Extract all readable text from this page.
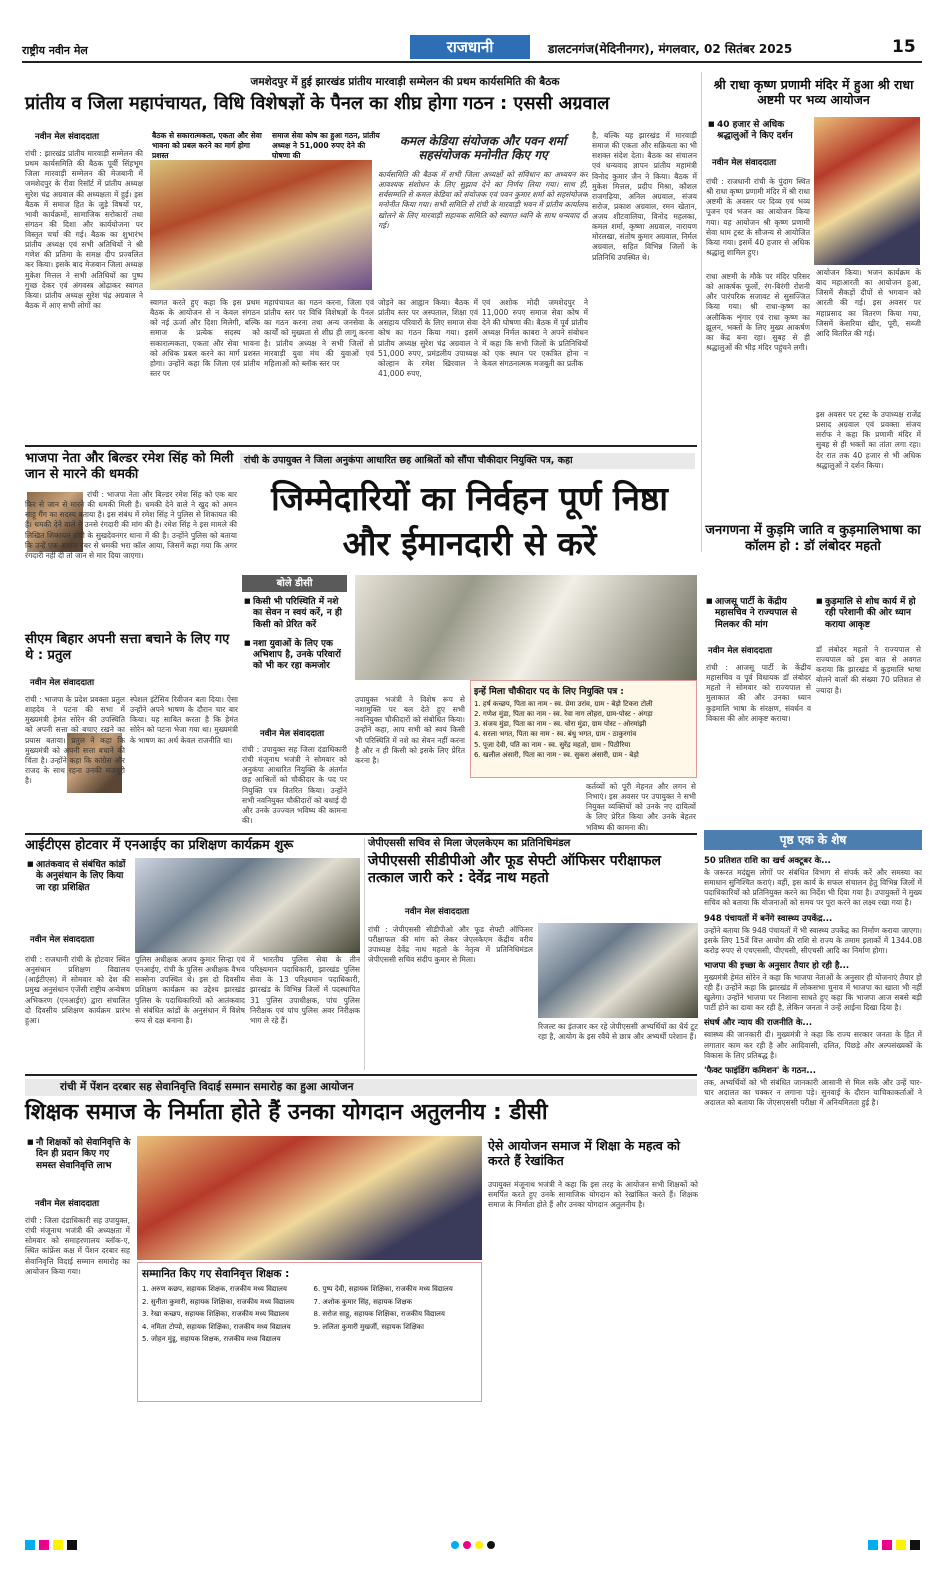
राष्ट्रीय नवीन मेल	राजधानी	डालटनगंज(मेदिनीनगर), मंगलवार, 02 सितंबर 2025	15
जमशेदपुर में हुई झारखंड प्रांतीय मारवाड़ी सम्मेलन की प्रथम कार्यसमिति की बैठक
प्रांतीय व जिला महापंचायत, विधि विशेषज्ञों के पैनल का शीघ्र होगा गठन : एससी अग्रवाल
नवीन मेल संवाददाता
रांची : झारखंड प्रांतीय मारवाड़ी सम्मेलन की प्रथम कार्यसमिति की बैठक पूर्वी सिंहभूम जिला मारवाड़ी सम्मेलन की मेजबानी में जमशेदपुर के रीवा रिसॉर्ट में प्रांतीय अध्यक्ष सुरेश चंद्र अग्रवाल की अध्यक्षता में हुई। इस बैठक में समाज हित के जुड़े विषयों पर, भावी कार्यक्रमों, सामाजिक सरोकारों तथा संगठन की दिशा और कार्ययोजना पर विस्तृत चर्चा की गई। बैठक का शुभारंभ प्रांतीय अध्यक्ष एवं सभी अतिथियों ने श्री गणेश की प्रतिमा के समक्ष दीप प्रज्वलित कर किया। इसके बाद मेजबान जिला अध्यक्ष मुकेश मित्तल ने सभी अतिथियों का पुष्प गुच्छ देकर एवं अंगवस्त्र ओढ़ाकर स्वागत किया। प्रांतीय अध्यक्ष सुरेश चंद्र अग्रवाल ने बैठक में आए सभी लोगों का
बैठक से सकारात्मकता, एकता और सेवा भावना को प्रबल करने का मार्ग होगा प्रशस्त
समाज सेवा कोष का हुआ गठन, प्रांतीय अध्यक्ष ने 51,000 रुपए देने की घोषणा की
कमल केडिया संयोजक और पवन शर्मा सहसंयोजक मनोनीत किए गए
कार्यसमिति की बैठक में सभी जिला अध्यक्षों को संविधान का अध्ययन कर आवश्यक संशोधन के लिए सुझाव देने का निर्णय लिया गया। साथ ही, सर्वसम्मति से कमल केडिया को संयोजक एवं पवन कुमार शर्मा को सहसंयोजक मनोनीत किया गया। सभी समिति से रांची के मारवाड़ी भवन में प्रांतीय कार्यालय खोलने के लिए मारवाड़ी सहायक समिति को स्वागत ध्वनि के साथ धन्यवाद दी गई।
स्वागत करते हुए कहा कि इस प्रथम बैठक के आयोजन से न केवल संगठन को नई ऊर्जा और दिशा मिलेगी, बल्कि समाज के प्रत्येक सदस्य को सकारात्मकता, एकता और सेवा भावना को अधिक प्रबल करने का मार्ग प्रशस्त होगा। उन्होंने कहा कि जिला एवं प्रांतीय स्तर पर
महापंचायत का गठन करना, जिला एवं प्रांतीय स्तर पर विधि विशेषज्ञों के पैनल का गठन करना तथा अन्य जनसेवा के कार्यों को मुख्यता से शीघ्र ही लागू करना है। प्रांतीय अध्यक्ष ने सभी जिलों से मारवाड़ी युवा मंच की युवाओं एवं महिलाओं को ब्लॉक स्तर पर
जोड़ने का आह्वान किया। बैठक में प्रांतीय स्तर पर अस्पताल, शिक्षा एवं असहाय परिवारों के लिए समाज सेवा कोष का गठन किया गया। इसमें प्रांतीय अध्यक्ष सुरेश चंद्र अग्रवाल ने 51,000 रुपए, प्रमंडलीय उपाध्यक्ष कोल्हान के रमेश खिरवाल ने 41,000 रुपए,
एवं अशोक मोदी जमशेदपुर ने 11,000 रुपए समाज सेवा कोष में देने की घोषणा की। बैठक में पूर्व प्रांतीय अध्यक्ष निर्मल काबरा ने अपने संबोधन में कहा कि सभी जिलों के प्रतिनिधियों को एक स्थान पर एकत्रित होना न केवल संगठनात्मक मजबूती का प्रतीक
है, बल्कि यह झारखंड में मारवाड़ी समाज की एकता और सक्रियता का भी सशक्त संदेश देता। बैठक का संचालन एवं धन्यवाद ज्ञापन प्रांतीय महामंत्री विनोद कुमार जैन ने किया। बैठक में मुकेश मित्तल, प्रदीप मिश्रा, कौशल राजगढ़िया, अनिल अग्रवाल, संजय सरोज, प्रकाश अग्रवाल, रमन खेतान, अजय शीटवालिया, विनोद महलका, कमल शर्मा, कृष्णा अग्रवाल, नारायण मोरलखा, संतोष कुमार अग्रवाल, निर्मल अग्रवाल, सहित विभिन्न जिलों के प्रतिनिधि उपस्थित थे।
श्री राधा कृष्ण प्रणामी मंदिर में हुआ श्री राधा अष्टमी पर भव्य आयोजन
■ 40 हजार से अधिक श्रद्धालुओं ने किए दर्शन
नवीन मेल संवाददाता
रांची : राजधानी रांची के पुंदाग स्थित श्री राधा कृष्ण प्रणामी मंदिर में श्री राधा अष्टमी के अवसर पर दिव्य एवं भव्य पूजन एवं भजन का आयोजन किया गया। यह आयोजन श्री कृष्ण प्रणामी सेवा धाम ट्रस्ट के सौजन्य से आयोजित किया गया। इसमें 40 हजार से अधिक श्रद्धालु शामिल हुए।
राधा अष्टमी के मौके पर मंदिर परिसर को आकर्षक फूलों, रंग-बिरंगी रोशनी और पारंपरिक सजावट से सुसज्जित किया गया। श्री राधा-कृष्ण का अलौकिक शृंगार एवं राधा कृष्ण का झूलन, भक्तों के लिए मुख्य आकर्षण का केंद्र बना रहा। सुबह से ही श्रद्धालुओं की भीड़ मंदिर पहुंचने लगी।
आयोजन किया। भजन कार्यक्रम के बाद महाआरती का आयोजन हुआ, जिसमें सैकड़ों दीपों से भगवान को आरती की गई। इस अवसर पर महाप्रसाद का वितरण किया गया, जिसमें केसरिया खीर, पूरी, सब्जी आदि वितरित की गई।
इस अवसर पर ट्रस्ट के उपाध्यक्ष राजेंद्र प्रसाद अग्रवाल एवं प्रवक्ता संजय सर्राफ ने कहा कि प्रणामी मंदिर में सुबह से ही भक्तों का तांता लगा रहा। देर रात तक 40 हजार से भी अधिक श्रद्धालुओं ने दर्शन किया।
भाजपा नेता और बिल्डर रमेश सिंह को मिली जान से मारने की धमकी
रांची : भाजपा नेता और बिल्डर रमेश सिंह को एक बार फिर से जान से मारने की धमकी मिली है। धमकी देने वाले ने खुद को अमन साहू गैंग का सदस्य बताया है। इस संबंध में रमेश सिंह ने पुलिस से शिकायत की है। धमकी देने वाले ने उनसे रंगदारी की मांग की है। रमेश सिंह ने इस मामले की लिखित शिकायत रांची के सुखदेवनगर थाना में की है। उन्होंने पुलिस को बताया कि उन्हें एक अज्ञात नंबर से धमकी भरा कॉल आया, जिसमें कहा गया कि अगर रंगदारी नहीं दी तो जान से मार दिया जाएगा।
रांची के उपायुक्त ने जिला अनुकंपा आधारित छह आश्रितों को सौंपा चौकीदार नियुक्ति पत्र, कहा
जिम्मेदारियों का निर्वहन पूर्ण निष्ठा और ईमानदारी से करें
बोले डीसी
■ किसी भी परिस्थिति में नशे का सेवन न स्वयं करें, न ही किसी को प्रेरित करें
■ नशा युवाओं के लिए एक अभिशाप है, उनके परिवारों को भी कर रहा कमजोर
नवीन मेल संवाददाता
रांची : उपायुक्त सह जिला दंडाधिकारी रांची मंजूनाथ भजंत्री ने सोमवार को अनुकंपा आधारित नियुक्ति के अंतर्गत छह आश्रितों को चौकीदार के पद पर नियुक्ति पत्र वितरित किया। उन्होंने सभी नवनियुक्त चौकीदारों को बधाई दी और उनके उज्ज्वल भविष्य की कामना की।
उपायुक्त भजंत्री ने विशेष रूप से नशामुक्ति पर बल देते हुए सभी नवनियुक्त चौकीदारों को संबोधित किया। उन्होंने कहा, आप सभी को स्वयं किसी भी परिस्थिति में नशे का सेवन नहीं करना है और न ही किसी को इसके लिए प्रेरित करना है।
इन्हें मिला चौकीदार पद के लिए नियुक्ति पत्र :
1. हर्ष कच्छप, पिता का नाम - स्व. प्रेमा उरांव, ग्राम - बेड़ो टिकरा टोली
2. गणेश मुंडा, पिता का नाम - स्व. रेवा नाग लोहरा, ग्राम-पोस्ट - अंगड़ा
3. संजय मुंडा, पिता का नाम - स्व. चोरा मुंडा, ग्राम पोस्ट - ओरमांझी
4. सरला भगत, पिता का नाम - स्व. बंधु भगत, ग्राम - ठाकुरगांव
5. पूजा देवी, पति का नाम - स्व. सुरेंद्र महतो, ग्राम - पिठौरिया
6. खलील अंसारी, पिता का नाम - स्व. सुकरा अंसारी, ग्राम - बेड़ो
कर्तव्यों को पूरी मेहनत और लगन से निभाएं। इस अवसर पर उपायुक्त ने सभी नियुक्त व्यक्तियों को उनके नए दायित्वों के लिए प्रेरित किया और उनके बेहतर भविष्य की कामना की।
सीएम बिहार अपनी सत्ता बचाने के लिए गए थे : प्रतुल
नवीन मेल संवाददाता
रांची : भाजपा के प्रदेश प्रवक्ता प्रतुल शाहदेव ने पटना की सभा में मुख्यमंत्री हेमंत सोरेन की उपस्थिति को अपनी सत्ता को बचाए रखने का प्रयास बताया। प्रतुल ने कहा कि मुख्यमंत्री को अपनी सत्ता बचाने की चिंता है। उन्होंने कहा कि कांग्रेस और राजद के साथ रहना उनकी मजबूरी है।
स्पेशल इंटेंसिव रिवीजन बता दिया। ऐसा उन्होंने अपने भाषण के दौरान चार बार किया। यह साबित करता है कि हेमंत सोरेन को पटना भेजा गया था। मुख्यमंत्री के भाषण का अर्थ केवल राजनीति था।
जनगणना में कुड़मि जाति व कुड़मालिभाषा का कॉलम हो : डॉ लंबोदर महतो
■ आजसू पार्टी के केंद्रीय महासचिव ने राज्यपाल से मिलकर की मांग
■ कुड़मालि से शोध कार्य में हो रही परेशानी की ओर ध्यान कराया आकृष्ट
नवीन मेल संवाददाता
रांची : आजसू पार्टी के केंद्रीय महासचिव व पूर्व विधायक डॉ लंबोदर महतो ने सोमवार को राज्यपाल से मुलाकात की और उनका ध्यान कुड़मालि भाषा के संरक्षण, संवर्धन व विकास की ओर आकृष्ट कराया।
डॉ लंबोदर महतो ने राज्यपाल से राज्यपाल को इस बात से अवगत कराया कि झारखंड में कुड़मालि भाषा बोलने वालों की संख्या 70 प्रतिशत से ज्यादा है।
पृष्ठ एक के शेष
50 प्रतिशत राशि का खर्च अक्टूबर के...
के जरूरत मदंद्युस लोगों पर संबंधित विभाग से संपर्क करें और समस्या का समाधान सुनिश्चित कराएं। वहीं, इस कार्य के सफल संचालन हेतु विभिन्न जिलों में पदाधिकारियों को प्रतिनियुक्त करने का निर्देश भी दिया गया है। उपायुक्तों ने मुख्य सचिव को बताया कि योजनाओं को समय पर पूरा करने का लक्ष्य रखा गया है।
948 पंचायतों में बनेंगे स्वास्थ्य उपकेंद्र...
उन्होंने बताया कि 948 पंचायतों में भी स्वास्थ्य उपकेंद्र का निर्माण कराया जाएगा। इसके लिए 15वें वित्त आयोग की राशि से राज्य के तमाम इलाकों में 1344.08 करोड़ रुपए से एचएससी, पीएचसी, सीएचसी आदि का निर्माण होगा।
भाजपा की इच्छा के अनुसार तैयार हो रही है...
मुख्यमंत्री हेमंत सोरेन ने कहा कि भाजपा नेताओं के अनुसार ही योजनाएं तैयार हो रही हैं। उन्होंने कहा कि झारखंड में लोकसभा चुनाव में भाजपा का खाता भी नहीं खुलेगा। उन्होंने भाजपा पर निशाना साधते हुए कहा कि भाजपा आज सबसे बड़ी पार्टी होने का दावा कर रही है, लेकिन जनता ने उन्हें आईना दिखा दिया है।
संघर्ष और न्याय की राजनीति के...
स्वास्थ्य की जानकारी दी। मुख्यमंत्री ने कहा कि राज्य सरकार जनता के हित में लगातार काम कर रही है और आदिवासी, दलित, पिछड़े और अल्पसंख्यकों के विकास के लिए प्रतिबद्ध है।
'फैक्ट फाइंडिंग कमिशन' के गठन...
तक, अभ्यर्थियों को भी संबंधित जानकारी आसानी से मिल सके और उन्हें चार-चार अदालत का चक्कर न लगाना पड़े। सुनवाई के दौरान याचिकाकर्ताओं ने अदालत को बताया कि जेएसएससी परीक्षा में अनियमितता हुई है।
आईटीएस होटवार में एनआईए का प्रशिक्षण कार्यक्रम शुरू
■ आतंकवाद से संबंधित कांडों के अनुसंधान के लिए किया जा रहा प्रशिक्षित
नवीन मेल संवाददाता
रांची : राजधानी रांची के होटवार स्थित अनुसंधान प्रशिक्षण विद्यालय (आईटीएस) में सोमवार को देश की प्रमुख अनुसंधान एजेंसी राष्ट्रीय अन्वेषण अभिकरण (एनआईए) द्वारा संचालित दो दिवसीय प्रशिक्षण कार्यक्रम प्रारंभ हुआ।
पुलिस अधीक्षक अजय कुमार सिन्हा एवं एनआईए, रांची के पुलिस अधीक्षक वैभव सक्सेना उपस्थित थे। इस दो दिवसीय प्रशिक्षण कार्यक्रम का उद्देश्य झारखंड पुलिस के पदाधिकारियों को आतंकवाद से संबंधित कांडों के अनुसंधान में विशेष रूप से दक्ष बनाना है।
में भारतीय पुलिस सेवा के तीन परिक्ष्यमान पदाधिकारी, झारखंड पुलिस सेवा के 13 परिक्ष्यमान पदाधिकारी, झारखंड के विभिन्न जिलों में पदस्थापित 31 पुलिस उपाधीक्षक, पांच पुलिस निरीक्षक एवं पांच पुलिस अवर निरीक्षक भाग ले रहे हैं।
जेपीएससी सचिव से मिला जेएलकेएम का प्रतिनिधिमंडल
जेपीएससी सीडीपीओ और फूड सेफ्टी ऑफिसर परीक्षाफल तत्काल जारी करे : देवेंद्र नाथ महतो
नवीन मेल संवाददाता
रांची : जेपीएससी सीडीपीओ और फूड सेफ्टी ऑफिसर परीक्षाफल की मांग को लेकर जेएलकेएम केंद्रीय वरीय उपाध्यक्ष देवेंद्र नाथ महतो के नेतृत्व में प्रतिनिधिमंडल जेपीएससी सचिव संदीप कुमार से मिला।
रिजल्ट का इंतजार कर रहे जेपीएससी अभ्यर्थियों का धैर्य टूट रहा है, आयोग के इस रवैये से छात्र और अभ्यर्थी परेशान हैं।
रांची में पेंशन दरबार सह सेवानिवृत्ति विदाई सम्मान समारोह का हुआ आयोजन
शिक्षक समाज के निर्माता होते हैं उनका योगदान अतुलनीय : डीसी
■ नौ शिक्षकों को सेवानिवृत्ति के दिन ही प्रदान किए गए समस्त सेवानिवृत्ति लाभ
नवीन मेल संवाददाता
रांची : जिला दंडाधिकारी सह उपायुक्त, रांची मंजूनाथ भजंत्री की अध्यक्षता में सोमवार को समाहरणालय ब्लॉक-ए, स्थित कांफ्रेंस कक्ष में पेंशन दरबार सह सेवानिवृत्ति विदाई सम्मान समारोह का आयोजन किया गया।	सम्मानित किए गए सेवानिवृत्त शिक्षक :
1. अरुण कछप, सहायक शिक्षक, राजकीय मध्य विद्यालय
2. सुनीता कुमारी, सहायक शिक्षिका, राजकीय मध्य विद्यालय
3. रेखा कच्छप, सहायक शिक्षिका, राजकीय मध्य विद्यालय
4. नमिता टोप्पो, सहायक शिक्षिका, राजकीय मध्य विद्यालय
5. जोहन मुंडू, सहायक शिक्षक, राजकीय मध्य विद्यालय
6. पुष्प देवी, सहायक शिक्षिका, राजकीय मध्य विद्यालय
7. अशोक कुमार सिंह, सहायक शिक्षक
8. सरोज साहू, सहायक शिक्षिका, राजकीय विद्यालय
9. ललिता कुमारी मुखर्जी, सहायक शिक्षिका
ऐसे आयोजन समाज में शिक्षा के महत्व को करते हैं रेखांकित
उपायुक्त मंजूनाथ भजंत्री ने कहा कि इस तरह के आयोजन सभी शिक्षकों को समर्पित करते हुए उनके सामाजिक योगदान को रेखांकित करते हैं। शिक्षक समाज के निर्माता होते हैं और उनका योगदान अतुलनीय है।
